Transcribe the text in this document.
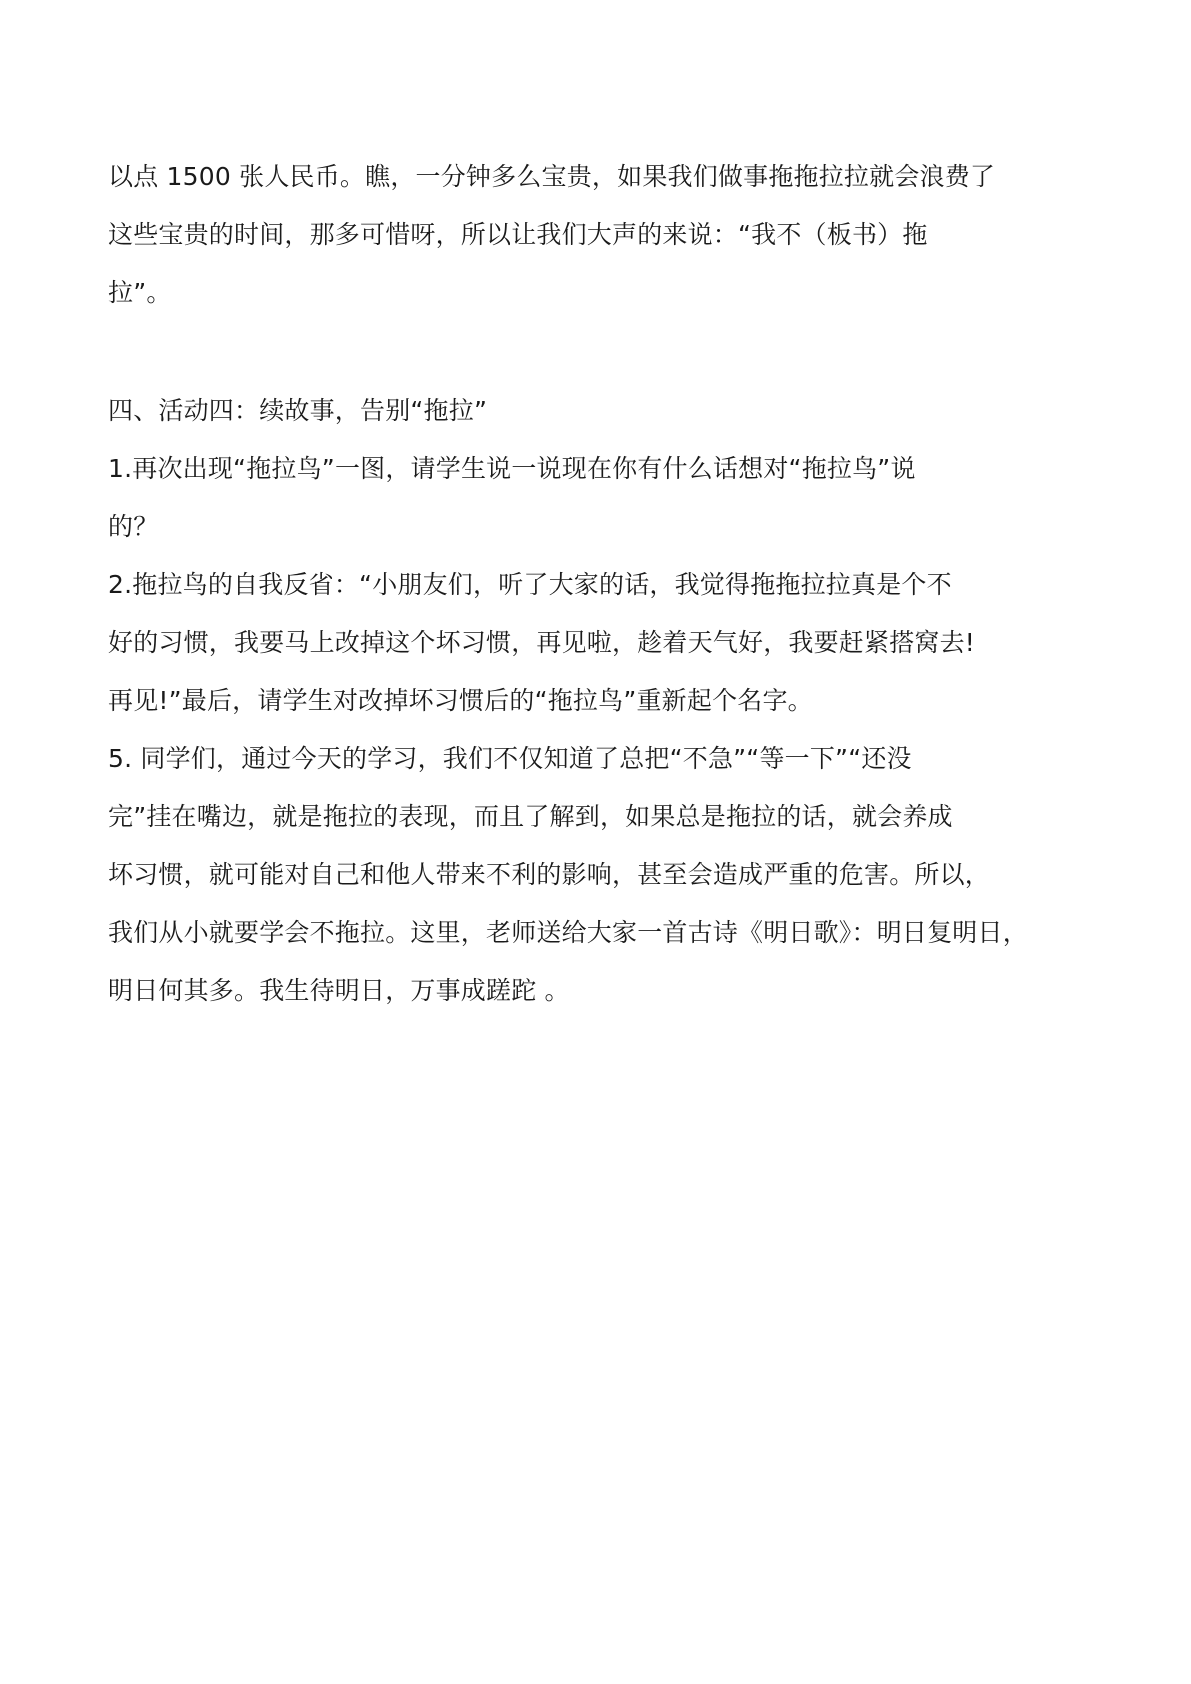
以点 1500 张人民币。瞧，一分钟多么宝贵，如果我们做事拖拖拉拉就会浪费了
这些宝贵的时间，那多可惜呀，所以让我们大声的来说：“我不（板书）拖
拉”。
四、活动四：续故事，告别“拖拉”
1.再次出现“拖拉鸟”一图，请学生说一说现在你有什么话想对“拖拉鸟”说
的？
2.拖拉鸟的自我反省：“小朋友们，听了大家的话，我觉得拖拖拉拉真是个不
好的习惯，我要马上改掉这个坏习惯，再见啦，趁着天气好，我要赶紧搭窝去!
再见!”最后，请学生对改掉坏习惯后的“拖拉鸟”重新起个名字。
5. 同学们，通过今天的学习，我们不仅知道了总把“不急”“等一下”“还没
完”挂在嘴边，就是拖拉的表现，而且了解到，如果总是拖拉的话，就会养成
坏习惯，就可能对自己和他人带来不利的影响，甚至会造成严重的危害。所以，
我们从小就要学会不拖拉。这里，老师送给大家一首古诗《明日歌》：明日复明日，
明日何其多。我生待明日，万事成蹉跎 。
